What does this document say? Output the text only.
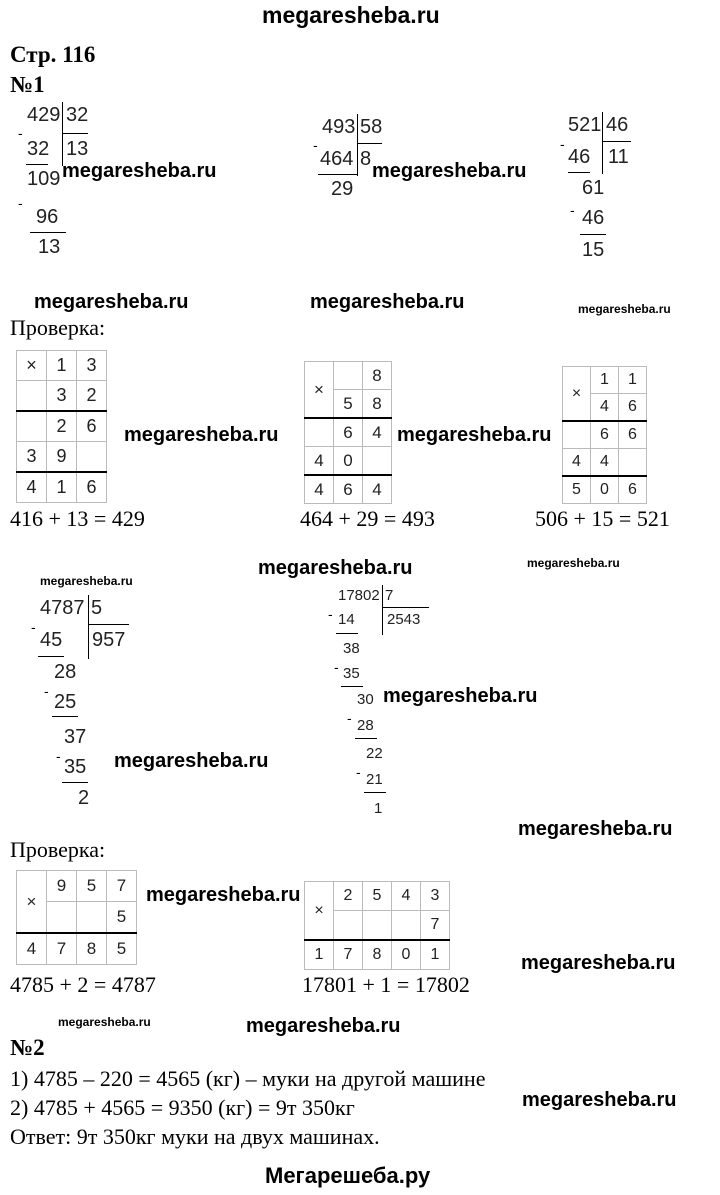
megaresheba.ru
Стр. 116
№1
429 32
13
-
32
109
-
96
13
megaresheba.ru
493 58
-
464 8
29
megaresheba.ru
521 46
-
46 11
61
- 46
15
megaresheba.ru	megaresheba.ru	megaresheba.ru
Проверка:
×	1	3
	3	2
	2	6
3	9	
4	1	6
megaresheba.ru
×		8
	5	8
	6	4
4	0	
4	6	4
megaresheba.ru
×	1	1
	4	6
	6	6
4	4	
5	0	6
416 + 13 = 429	464 + 29 = 493	506 + 15 = 521
megaresheba.ru	megaresheba.ru
megaresheba.ru
4787 5
-
45 957
28
- 25
37
- 35
2
megaresheba.ru
17802 7
- 14 2543
38
- 35
30
- 28
22
- 21
1
megaresheba.ru
megaresheba.ru
Проверка:
×	9	5	7
			5
4	7	8	5
megaresheba.ru
×	2	5	4	3
				7
1	7	8	0	1	megaresheba.ru
4785 + 2 = 4787	17801 + 1 = 17802
megaresheba.ru	megaresheba.ru
№2
1) 4785 – 220 = 4565 (кг) – муки на другой машине
2) 4785 + 4565 = 9350 (кг) = 9т 350кг	megaresheba.ru
Ответ: 9т 350кг муки на двух машинах.
Мегарешеба.ру
